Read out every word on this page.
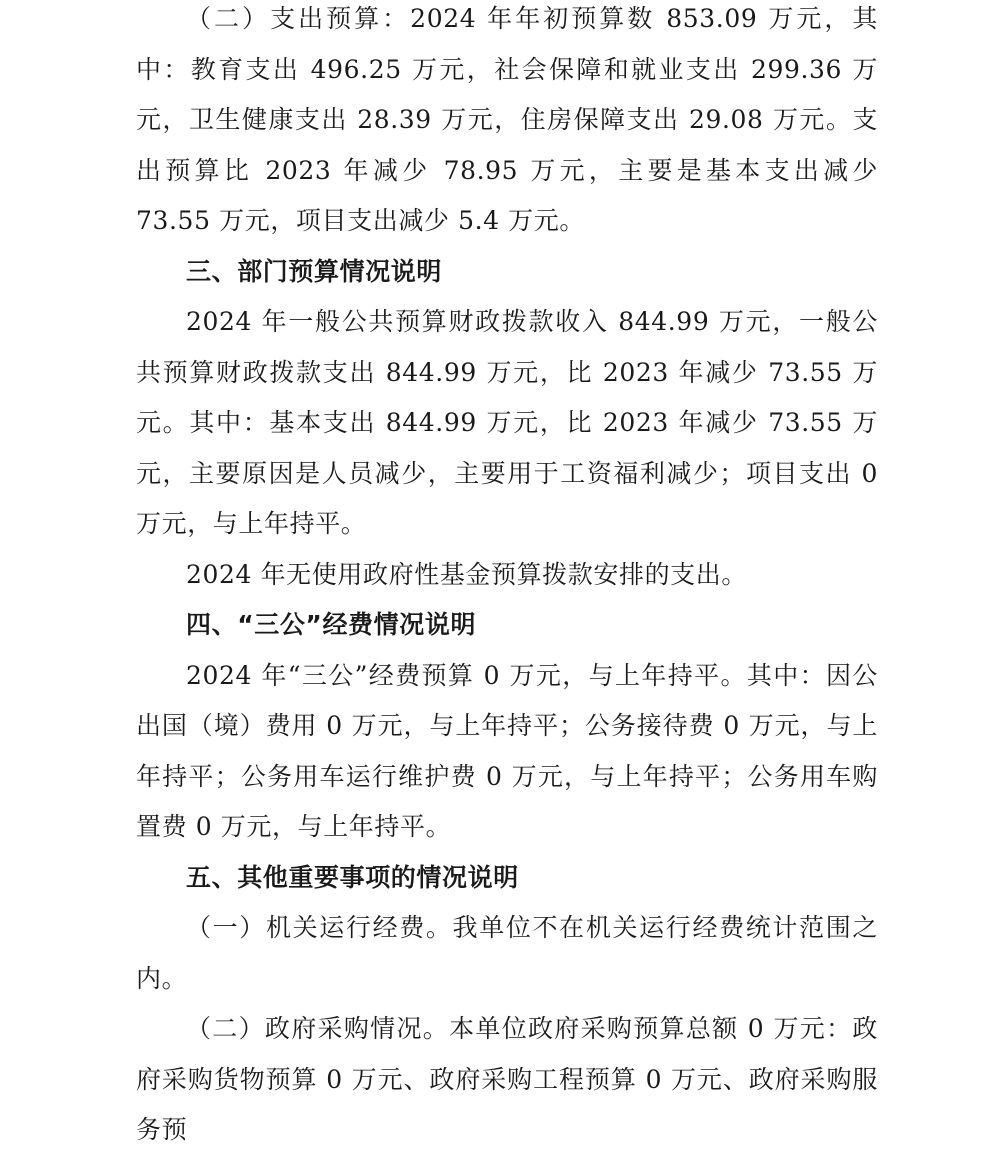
（二）支出预算：2024 年年初预算数 853.09 万元，其中：教育支出 496.25 万元，社会保障和就业支出 299.36 万元，卫生健康支出 28.39 万元，住房保障支出 29.08 万元。支出预算比 2023 年减少 78.95 万元，主要是基本支出减少 73.55 万元，项目支出减少 5.4 万元。

三、部门预算情况说明

2024 年一般公共预算财政拨款收入 844.99 万元，一般公共预算财政拨款支出 844.99 万元，比 2023 年减少 73.55 万元。其中：基本支出 844.99 万元，比 2023 年减少 73.55 万元，主要原因是人员减少，主要用于工资福利减少；项目支出 0 万元，与上年持平。

2024 年无使用政府性基金预算拨款安排的支出。

四、“三公”经费情况说明

2024 年“三公”经费预算 0 万元，与上年持平。其中：因公出国（境）费用 0 万元，与上年持平；公务接待费 0 万元，与上年持平；公务用车运行维护费 0 万元，与上年持平；公务用车购置费 0 万元，与上年持平。

五、其他重要事项的情况说明

（一）机关运行经费。我单位不在机关运行经费统计范围之内。

（二）政府采购情况。本单位政府采购预算总额 0 万元：政府采购货物预算 0 万元、政府采购工程预算 0 万元、政府采购服务预
